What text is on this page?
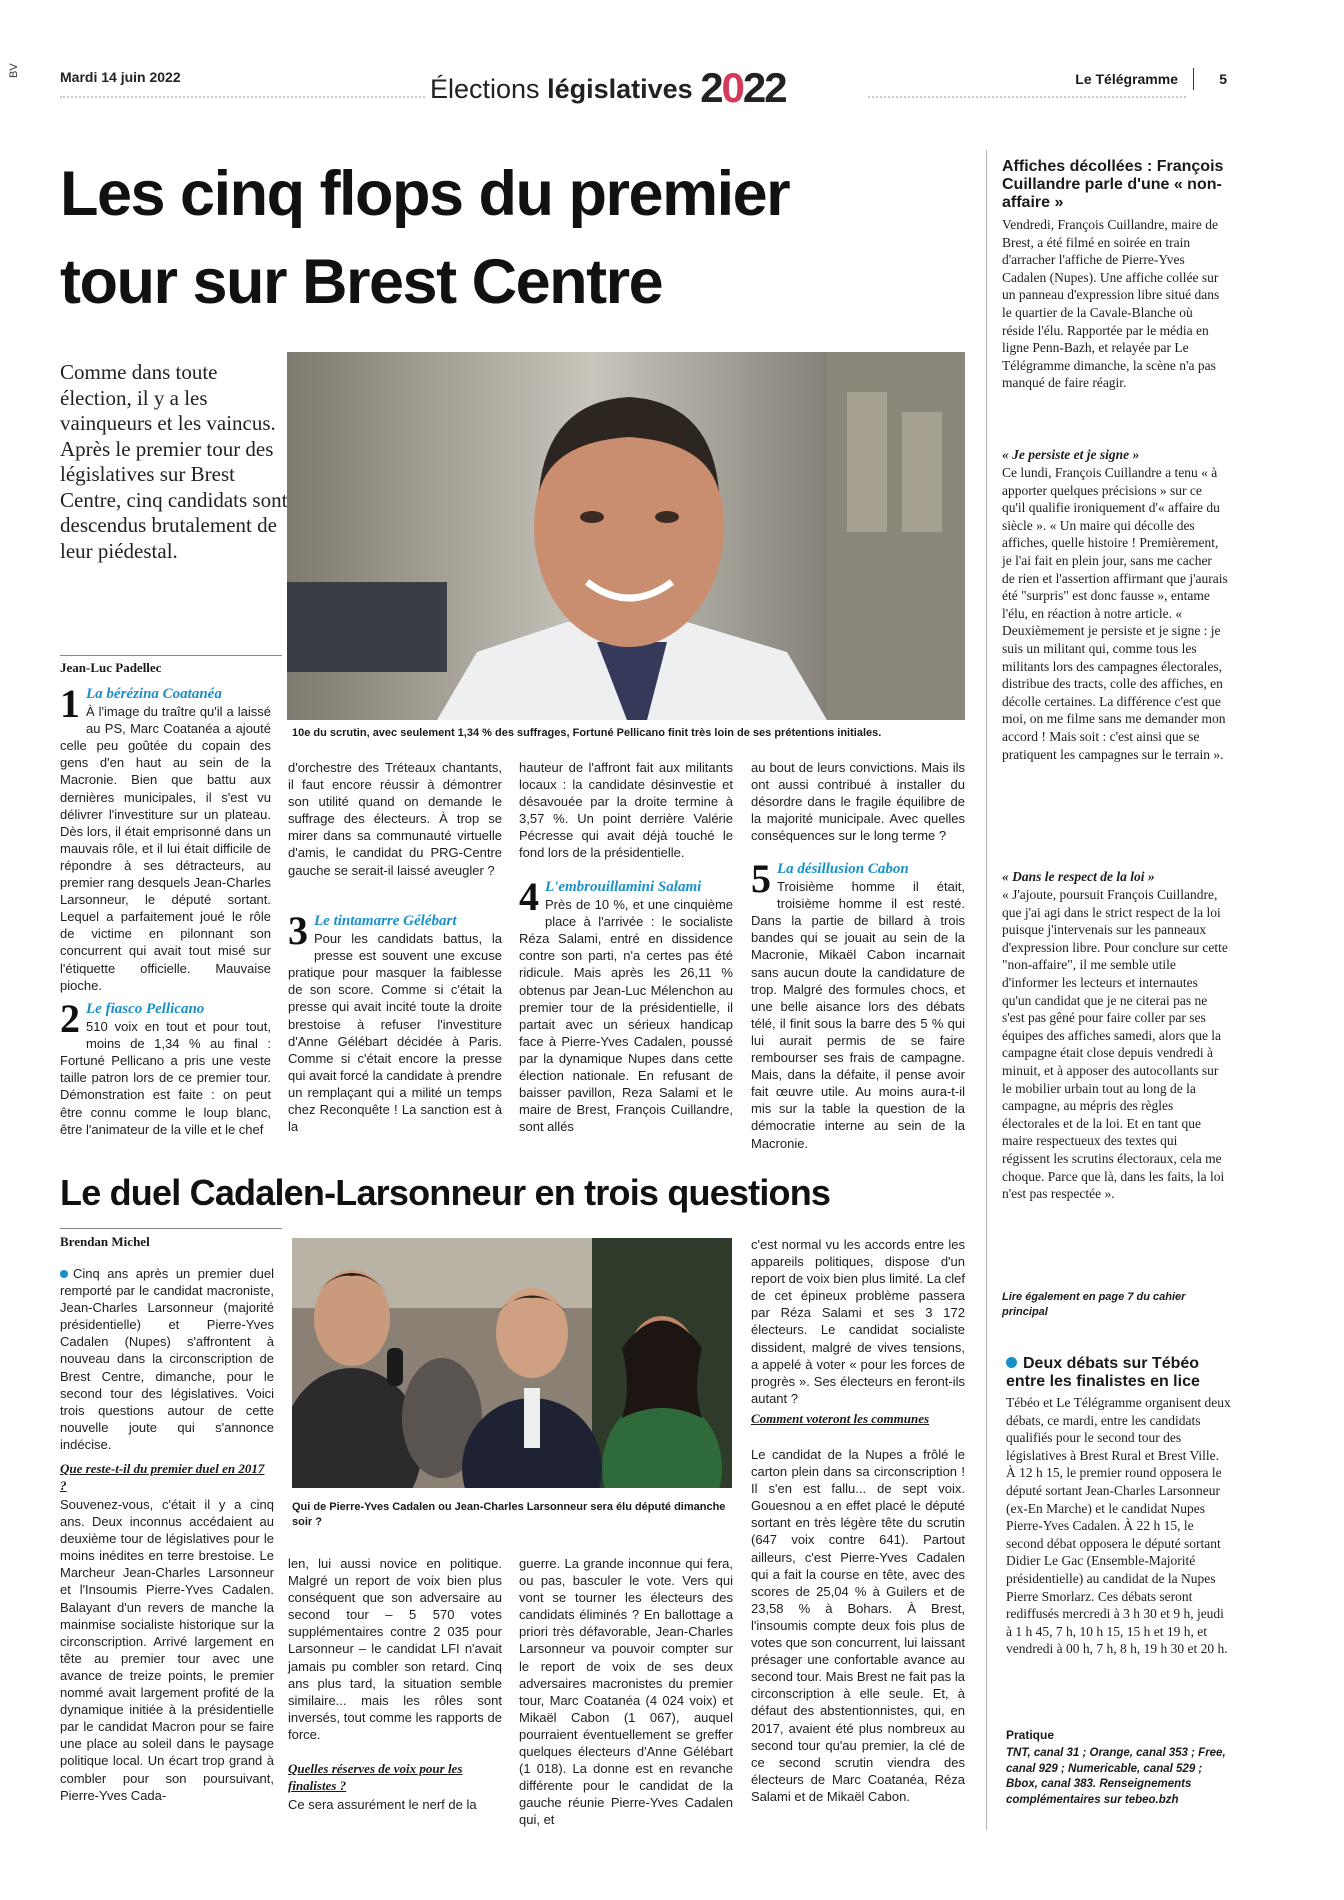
BV	Mardi 14 juin 2022	Élections législatives 2022	Le Télégramme	5
Les cinq flops du premier
tour sur Brest Centre
Comme dans toute élection, il y a les vainqueurs et les vaincus. Après le premier tour des législatives sur Brest Centre, cinq candidats sont descendus brutalement de leur piédestal.
Jean-Luc Padellec
10e du scrutin, avec seulement 1,34 % des suffrages, Fortuné Pellicano finit très loin de ses prétentions initiales.
1 La bérézina Coatanéa
À l'image du traître qu'il a laissé au PS, Marc Coatanéa a ajouté celle peu goûtée du copain des gens d'en haut au sein de la Macronie. Bien que battu aux dernières municipales, il s'est vu délivrer l'investiture sur un plateau. Dès lors, il était emprisonné dans un mauvais rôle, et il lui était difficile de répondre à ses détracteurs, au premier rang desquels Jean-Charles Larsonneur, le député sortant. Lequel a parfaitement joué le rôle de victime en pilonnant son concurrent qui avait tout misé sur l'étiquette officielle. Mauvaise pioche.
2 Le fiasco Pellicano
510 voix en tout et pour tout, moins de 1,34 % au final : Fortuné Pellicano a pris une veste taille patron lors de ce premier tour. Démonstration est faite : on peut être connu comme le loup blanc, être l'animateur de la ville et le chef
d'orchestre des Tréteaux chantants, il faut encore réussir à démontrer son utilité quand on demande le suffrage des électeurs. À trop se mirer dans sa communauté virtuelle d'amis, le candidat du PRG-Centre gauche se serait-il laissé aveugler ?
3 Le tintamarre Gélébart
Pour les candidats battus, la presse est souvent une excuse pratique pour masquer la faiblesse de son score. Comme si c'était la presse qui avait incité toute la droite brestoise à refuser l'investiture d'Anne Gélébart décidée à Paris. Comme si c'était encore la presse qui avait forcé la candidate à prendre un remplaçant qui a milité un temps chez Reconquête ! La sanction est à la
hauteur de l'affront fait aux militants locaux : la candidate désinvestie et désavouée par la droite termine à 3,57 %. Un point derrière Valérie Pécresse qui avait déjà touché le fond lors de la présidentielle.
4 L'embrouillamini Salami
Près de 10 %, et une cinquième place à l'arrivée : le socialiste Réza Salami, entré en dissidence contre son parti, n'a certes pas été ridicule. Mais après les 26,11 % obtenus par Jean-Luc Mélenchon au premier tour de la présidentielle, il partait avec un sérieux handicap face à Pierre-Yves Cadalen, poussé par la dynamique Nupes dans cette élection nationale. En refusant de baisser pavillon, Reza Salami et le maire de Brest, François Cuillandre, sont allés
au bout de leurs convictions. Mais ils ont aussi contribué à installer du désordre dans le fragile équilibre de la majorité municipale. Avec quelles conséquences sur le long terme ?
5 La désillusion Cabon
Troisième homme il était, troisième homme il est resté. Dans la partie de billard à trois bandes qui se jouait au sein de la Macronie, Mikaël Cabon incarnait sans aucun doute la candidature de trop. Malgré des formules chocs, et une belle aisance lors des débats télé, il finit sous la barre des 5 % qui lui aurait permis de se faire rembourser ses frais de campagne. Mais, dans la défaite, il pense avoir fait œuvre utile. Au moins aura-t-il mis sur la table la question de la démocratie interne au sein de la Macronie.
Le duel Cadalen-Larsonneur en trois questions
Brendan Michel
Cinq ans après un premier duel remporté par le candidat macroniste, Jean-Charles Larsonneur (majorité présidentielle) et Pierre-Yves Cadalen (Nupes) s'affrontent à nouveau dans la circonscription de Brest Centre, dimanche, pour le second tour des législatives. Voici trois questions autour de cette nouvelle joute qui s'annonce indécise.
Que reste-t-il du premier duel en 2017 ?
Souvenez-vous, c'était il y a cinq ans. Deux inconnus accédaient au deuxième tour de législatives pour le moins inédites en terre brestoise. Le Marcheur Jean-Charles Larsonneur et l'Insoumis Pierre-Yves Cadalen. Balayant d'un revers de manche la mainmise socialiste historique sur la circonscription. Arrivé largement en tête au premier tour avec une avance de treize points, le premier nommé avait largement profité de la dynamique initiée à la présidentielle par le candidat Macron pour se faire une place au soleil dans le paysage politique local. Un écart trop grand à combler pour son poursuivant, Pierre-Yves Cada-
Qui de Pierre-Yves Cadalen ou Jean-Charles Larsonneur sera élu député dimanche soir ?
len, lui aussi novice en politique. Malgré un report de voix bien plus conséquent que son adversaire au second tour – 5 570 votes supplémentaires contre 2 035 pour Larsonneur – le candidat LFI n'avait jamais pu combler son retard. Cinq ans plus tard, la situation semble similaire... mais les rôles sont inversés, tout comme les rapports de force.
Quelles réserves de voix pour les finalistes ?
Ce sera assurément le nerf de la
guerre. La grande inconnue qui fera, ou pas, basculer le vote. Vers qui vont se tourner les électeurs des candidats éliminés ? En ballottage a priori très défavorable, Jean-Charles Larsonneur va pouvoir compter sur le report de voix de ses deux adversaires macronistes du premier tour, Marc Coatanéa (4 024 voix) et Mikaël Cabon (1 067), auquel pourraient éventuellement se greffer quelques électeurs d'Anne Gélébart (1 018). La donne est en revanche différente pour le candidat de la gauche réunie Pierre-Yves Cadalen qui, et
c'est normal vu les accords entre les appareils politiques, dispose d'un report de voix bien plus limité. La clef de cet épineux problème passera par Réza Salami et ses 3 172 électeurs. Le candidat socialiste dissident, malgré de vives tensions, a appelé à voter « pour les forces de progrès ». Ses électeurs en feront-ils autant ?
Comment voteront les communes
Le candidat de la Nupes a frôlé le carton plein dans sa circonscription ! Il s'en est fallu... de sept voix. Gouesnou a en effet placé le député sortant en très légère tête du scrutin (647 voix contre 641). Partout ailleurs, c'est Pierre-Yves Cadalen qui a fait la course en tête, avec des scores de 25,04 % à Guilers et de 23,58 % à Bohars. À Brest, l'insoumis compte deux fois plus de votes que son concurrent, lui laissant présager une confortable avance au second tour. Mais Brest ne fait pas la circonscription à elle seule. Et, à défaut des abstentionnistes, qui, en 2017, avaient été plus nombreux au second tour qu'au premier, la clé de ce second scrutin viendra des électeurs de Marc Coatanéa, Réza Salami et de Mikaël Cabon.
Affiches décollées : François Cuillandre parle d'une « non-affaire »
Vendredi, François Cuillandre, maire de Brest, a été filmé en soirée en train d'arracher l'affiche de Pierre-Yves Cadalen (Nupes). Une affiche collée sur un panneau d'expression libre situé dans le quartier de la Cavale-Blanche où réside l'élu. Rapportée par le média en ligne Penn-Bazh, et relayée par Le Télégramme dimanche, la scène n'a pas manqué de faire réagir.
« Je persiste et je signe »
Ce lundi, François Cuillandre a tenu « à apporter quelques précisions » sur ce qu'il qualifie ironiquement d'« affaire du siècle ». « Un maire qui décolle des affiches, quelle histoire ! Premièrement, je l'ai fait en plein jour, sans me cacher de rien et l'assertion affirmant que j'aurais été "surpris" est donc fausse », entame l'élu, en réaction à notre article. « Deuxièmement je persiste et je signe : je suis un militant qui, comme tous les militants lors des campagnes électorales, distribue des tracts, colle des affiches, en décolle certaines. La différence c'est que moi, on me filme sans me demander mon accord ! Mais soit : c'est ainsi que se pratiquent les campagnes sur le terrain ».
« Dans le respect de la loi »
« J'ajoute, poursuit François Cuillandre, que j'ai agi dans le strict respect de la loi puisque j'intervenais sur les panneaux d'expression libre. Pour conclure sur cette "non-affaire", il me semble utile d'informer les lecteurs et internautes qu'un candidat que je ne citerai pas ne s'est pas gêné pour faire coller par ses équipes des affiches samedi, alors que la campagne était close depuis vendredi à minuit, et à apposer des autocollants sur le mobilier urbain tout au long de la campagne, au mépris des règles électorales et de la loi. Et en tant que maire respectueux des textes qui régissent les scrutins électoraux, cela me choque. Parce que là, dans les faits, la loi n'est pas respectée ».
Lire également en page 7 du cahier principal
Deux débats sur Tébéo entre les finalistes en lice
Tébéo et Le Télégramme organisent deux débats, ce mardi, entre les candidats qualifiés pour le second tour des législatives à Brest Rural et Brest Ville. À 12 h 15, le premier round opposera le député sortant Jean-Charles Larsonneur (ex-En Marche) et le candidat Nupes Pierre-Yves Cadalen. À 22 h 15, le second débat opposera le député sortant Didier Le Gac (Ensemble-Majorité présidentielle) au candidat de la Nupes Pierre Smorlarz. Ces débats seront rediffusés mercredi à 3 h 30 et 9 h, jeudi à 1 h 45, 7 h, 10 h 15, 15 h et 19 h, et vendredi à 00 h, 7 h, 8 h, 19 h 30 et 20 h.
Pratique
TNT, canal 31 ; Orange, canal 353 ; Free, canal 929 ; Numericable, canal 529 ; Bbox, canal 383. Renseignements complémentaires sur tebeo.bzh
